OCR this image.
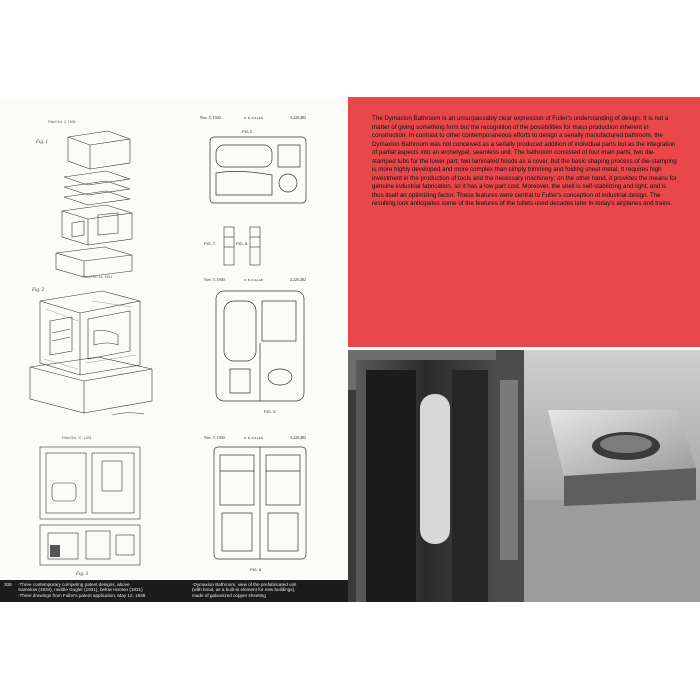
Filed Oct. 2, 1934
Fig. 1
Filed Feb. 14, 1931
Fig. 2
Filed Oct. 17, 1931
Fig. 3
Nov. 5, 1940.	R. B. FULLER	2,220,482
FIG 2.
FIG. 7.	FIG. 8.
Nov. 5, 1940.	R. B. FULLER	2,220,482
FIG. 3.
Nov. 5, 1940.	R. B. FULLER	2,220,482
FIG. 6.
208 ·Three contemporary competing patent designs, above
Sametow (1934), middle Gugler (1931), below Hooten (1931)
·Three drawings from Fuller's patent application, May 12, 1938
·Dymaxion Bathroom, view of the prefabricated unit
(with hood, as a built-in element for new buildings),
made of galvanized copper sheeting

The Dymaxion Bathroom is an unsurpassably clear expression of Fuller's understanding of design. It is not a matter of giving something form but the recognition of the possibilities for mass production inherent in construction. In contrast to other contemporaneous efforts to design a serially manufactured bathroom, the Dymaxion Bathroom was not conceived as a serially produced addition of individual parts but as the integration of partial aspects into an archetypal, seamless unit. The bathroom consisted of four main parts, two die-stamped tubs for the lower part, two laminated hoods as a cover, but the basic shaping process of die-stamping is more highly developed and more complex than simply trimming and folding sheet metal. It requires high investment in the production of tools and the necessary machinery; on the other hand, it provides the means for genuine industrial fabrication, so it has a low part cost. Moreover, the shell is self-stabilizing and light, and is thus itself an optimizing factor. These features were central to Fuller's conception of industrial design. The resulting look anticipates some of the features of the toilets used decades later in today's airplanes and trains.
